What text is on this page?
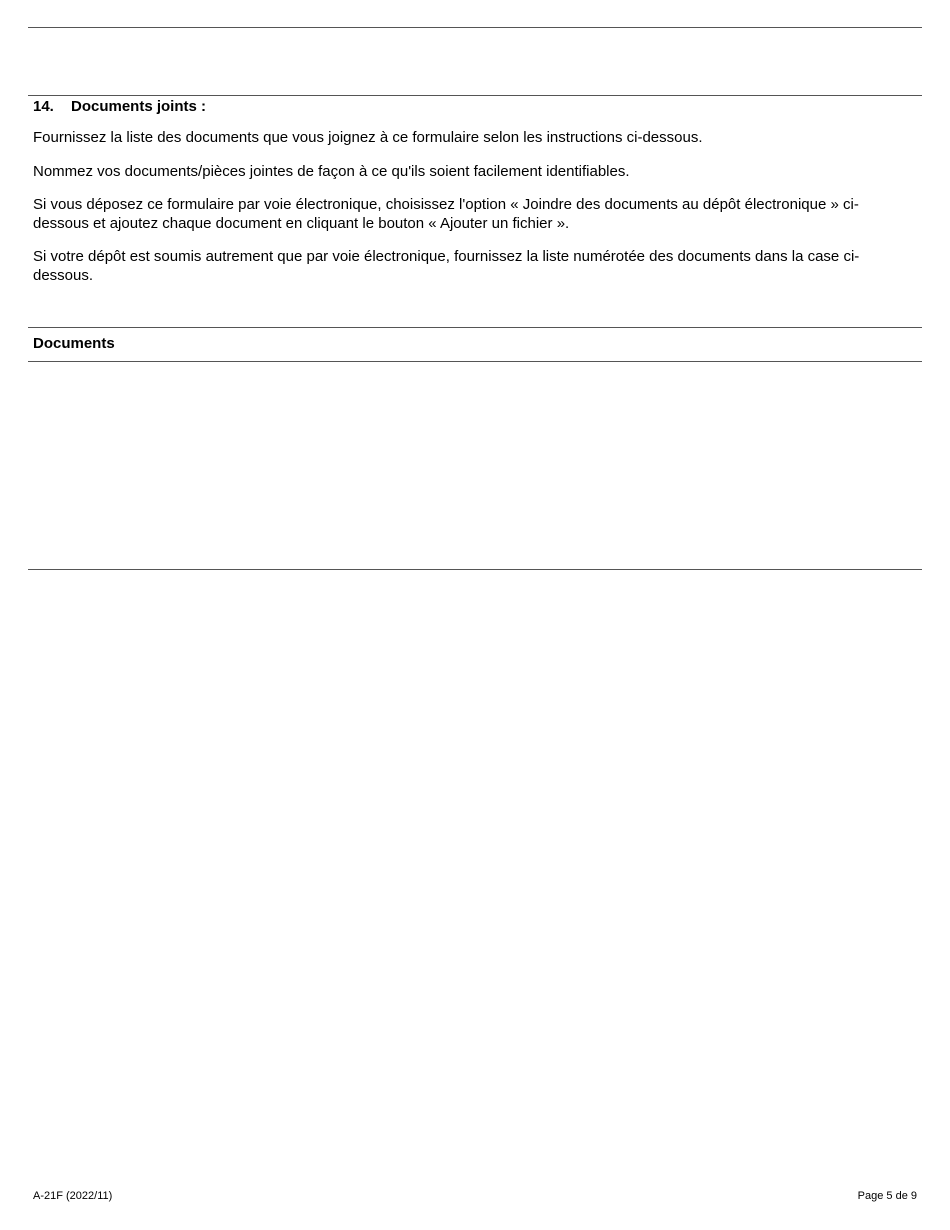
14. Documents joints :
Fournissez la liste des documents que vous joignez à ce formulaire selon les instructions ci-dessous.
Nommez vos documents/pièces jointes de façon à ce qu'ils soient facilement identifiables.
Si vous déposez ce formulaire par voie électronique, choisissez l'option « Joindre des documents au dépôt électronique » ci-dessous et ajoutez chaque document en cliquant le bouton « Ajouter un fichier ».
Si votre dépôt est soumis autrement que par voie électronique, fournissez la liste numérotée des documents dans la case ci-dessous.
Documents
A-21F (2022/11)	Page 5 de 9
